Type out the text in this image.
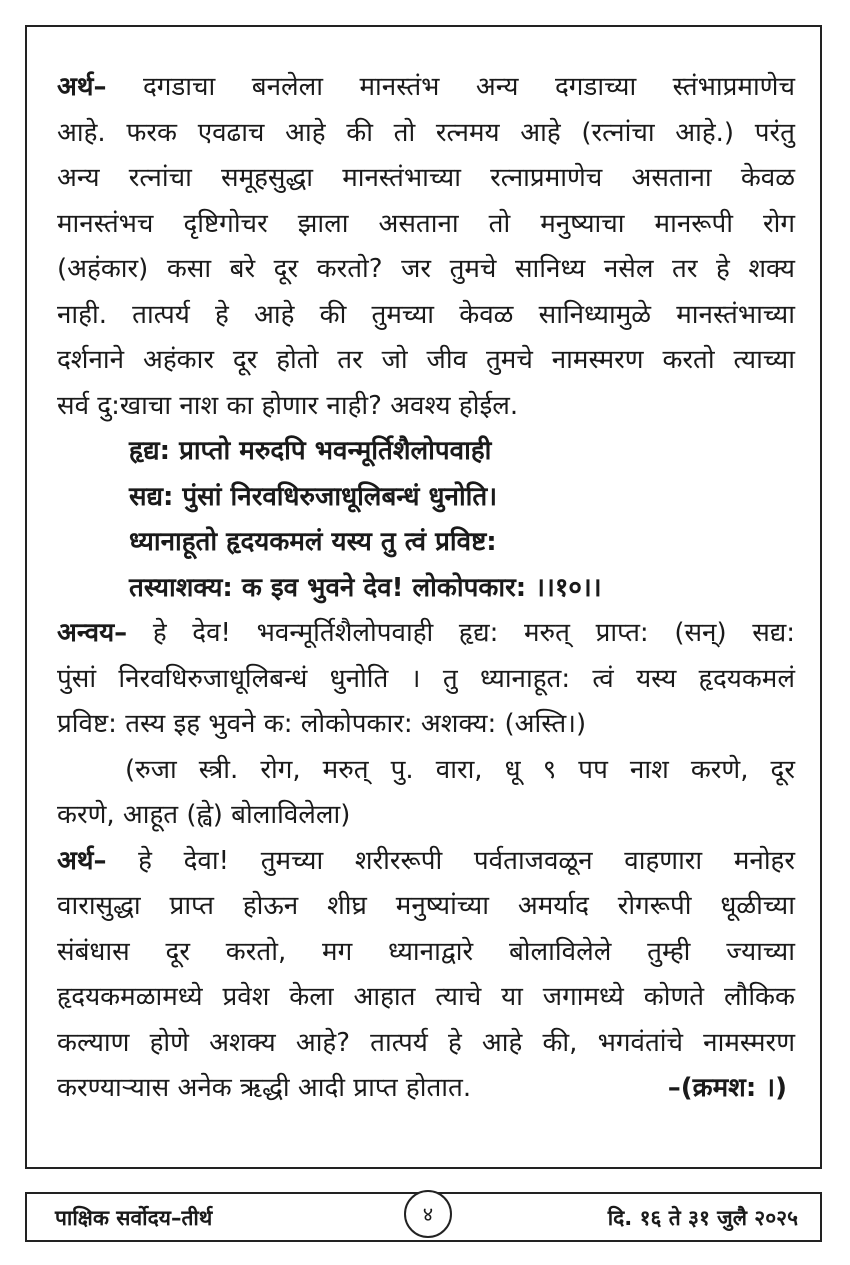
अर्थ– दगडाचा बनलेला मानस्तंभ अन्य दगडाच्या स्तंभाप्रमाणेच
आहे. फरक एवढाच आहे की तो रत्नमय आहे (रत्नांचा आहे.) परंतु
अन्य रत्नांचा समूहसुद्धा मानस्तंभाच्या रत्नाप्रमाणेच असताना केवळ
मानस्तंभच दृष्टिगोचर झाला असताना तो मनुष्याचा मानरूपी रोग
(अहंकार) कसा बरे दूर करतो? जर तुमचे सानिध्य नसेल तर हे शक्य
नाही. तात्पर्य हे आहे की तुमच्या केवळ सानिध्यामुळे मानस्तंभाच्या
दर्शनाने अहंकार दूर होतो तर जो जीव तुमचे नामस्मरण करतो त्याच्या
सर्व दु:खाचा नाश का होणार नाही? अवश्य होईल.
हृद्य: प्राप्तो मरुदपि भवन्मूर्तिशैलोपवाही
सद्य: पुंसां निरवधिरुजाधूलिबन्धं धुनोति।
ध्यानाहूतो हृदयकमलं यस्य तु त्वं प्रविष्ट:
तस्याशक्य: क इव भुवने देव! लोकोपकार: ।।१०।।
अन्वय– हे देव! भवन्मूर्तिशैलोपवाही हृद्य: मरुत् प्राप्त: (सन्) सद्य:
पुंसां निरवधिरुजाधूलिबन्धं धुनोति । तु ध्यानाहूत: त्वं यस्य हृदयकमलं
प्रविष्ट: तस्य इह भुवने क: लोकोपकार: अशक्य: (अस्ति।)
(रुजा स्त्री. रोग, मरुत् पु. वारा, धू ९ पप नाश करणे, दूर
करणे, आहूत (ह्वे) बोलाविलेला)
अर्थ– हे देवा! तुमच्या शरीररूपी पर्वताजवळून वाहणारा मनोहर
वारासुद्धा प्राप्त होऊन शीघ्र मनुष्यांच्या अमर्याद रोगरूपी धूळीच्या
संबंधास दूर करतो, मग ध्यानाद्वारे बोलाविलेले तुम्ही ज्याच्या
हृदयकमळामध्ये प्रवेश केला आहात त्याचे या जगामध्ये कोणते लौकिक
कल्याण होणे अशक्य आहे? तात्पर्य हे आहे की, भगवंतांचे नामस्मरण
करण्याऱ्यास अनेक ऋद्धी आदी प्राप्त होतात.	–(क्रमश: ।)
पाक्षिक सर्वोदय–तीर्थ	४	दि. १६ ते ३१ जुलै २०२५
